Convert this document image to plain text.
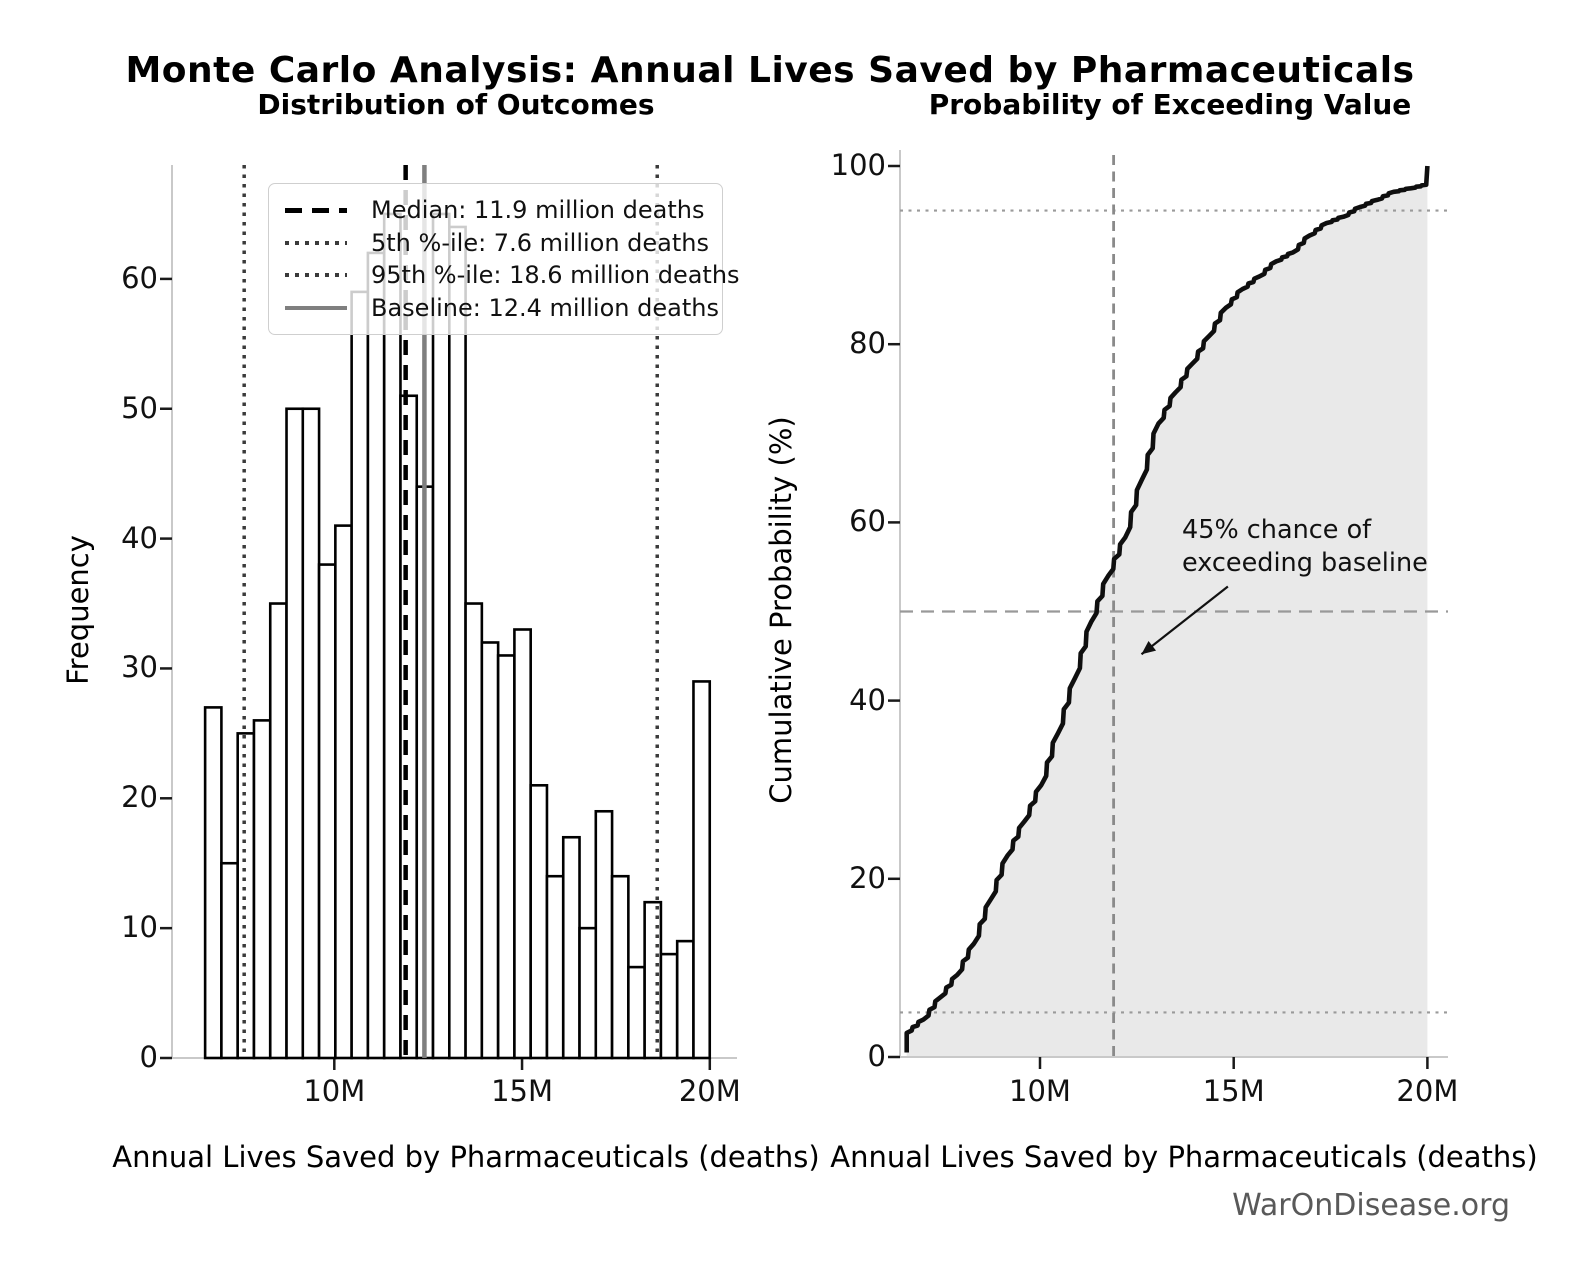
Monte Carlo Analysis: Annual Lives Saved by Pharmaceuticals
Distribution of Outcomes	Probability of Exceeding Value
Frequency	Cumulative Probability (%)
Annual Lives Saved by Pharmaceuticals (deaths) Annual Lives Saved by Pharmaceuticals (deaths)
Median: 11.9 million deaths
5th %-ile: 7.6 million deaths
95th %-ile: 18.6 million deaths
Baseline: 12.4 million deaths
45% chance of
exceeding baseline
WarOnDisease.org
0
10
20
30
40
50
60
10M	15M	20M
0
20
40
60
80
100
10M	15M	20M
